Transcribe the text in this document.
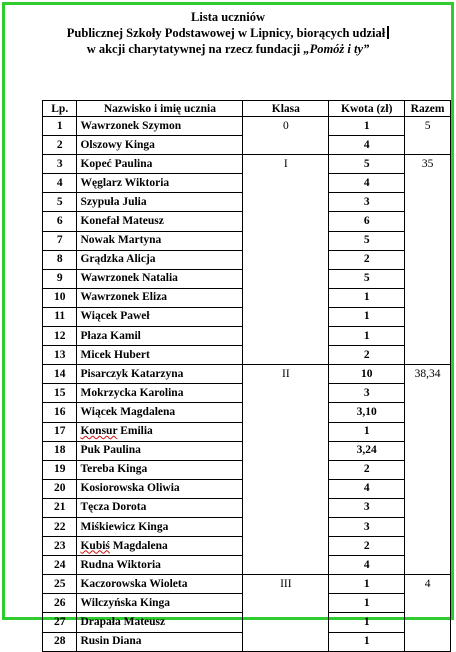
Lista uczniów
Publicznej Szkoły Podstawowej w Lipnicy, biorących udział
w akcji charytatywnej na rzecz fundacji „Pomóż i ty”
Lp.	Nazwisko i imię ucznia	Klasa	Kwota (zł)	Razem
1	Wawrzonek Szymon	0	1	5
2	Olszowy Kinga		4	
3	Kopeć Paulina	I	5	35
4	Węglarz Wiktoria		4	
5	Szypuła Julia		3	
6	Konefał Mateusz		6	
7	Nowak Martyna		5	
8	Grądzka Alicja		2	
9	Wawrzonek Natalia		5	
10	Wawrzonek Eliza		1	
11	Wiącek Paweł		1	
12	Płaza Kamil		1	
13	Micek Hubert		2	
14	Pisarczyk Katarzyna	II	10	38,34
15	Mokrzycka Karolina		3	
16	Wiącek Magdalena		3,10	
17	Konsur Emilia		1	
18	Puk Paulina		3,24	
19	Tereba Kinga		2	
20	Kosiorowska Oliwia		4	
21	Tęcza Dorota		3	
22	Miśkiewicz Kinga		3	
23	Kubiś Magdalena		2	
24	Rudna Wiktoria		4	
25	Kaczorowska Wioleta	III	1	4
26	Wilczyńska Kinga		1	
27	Drapała Mateusz		1	
28	Rusin Diana		1	
